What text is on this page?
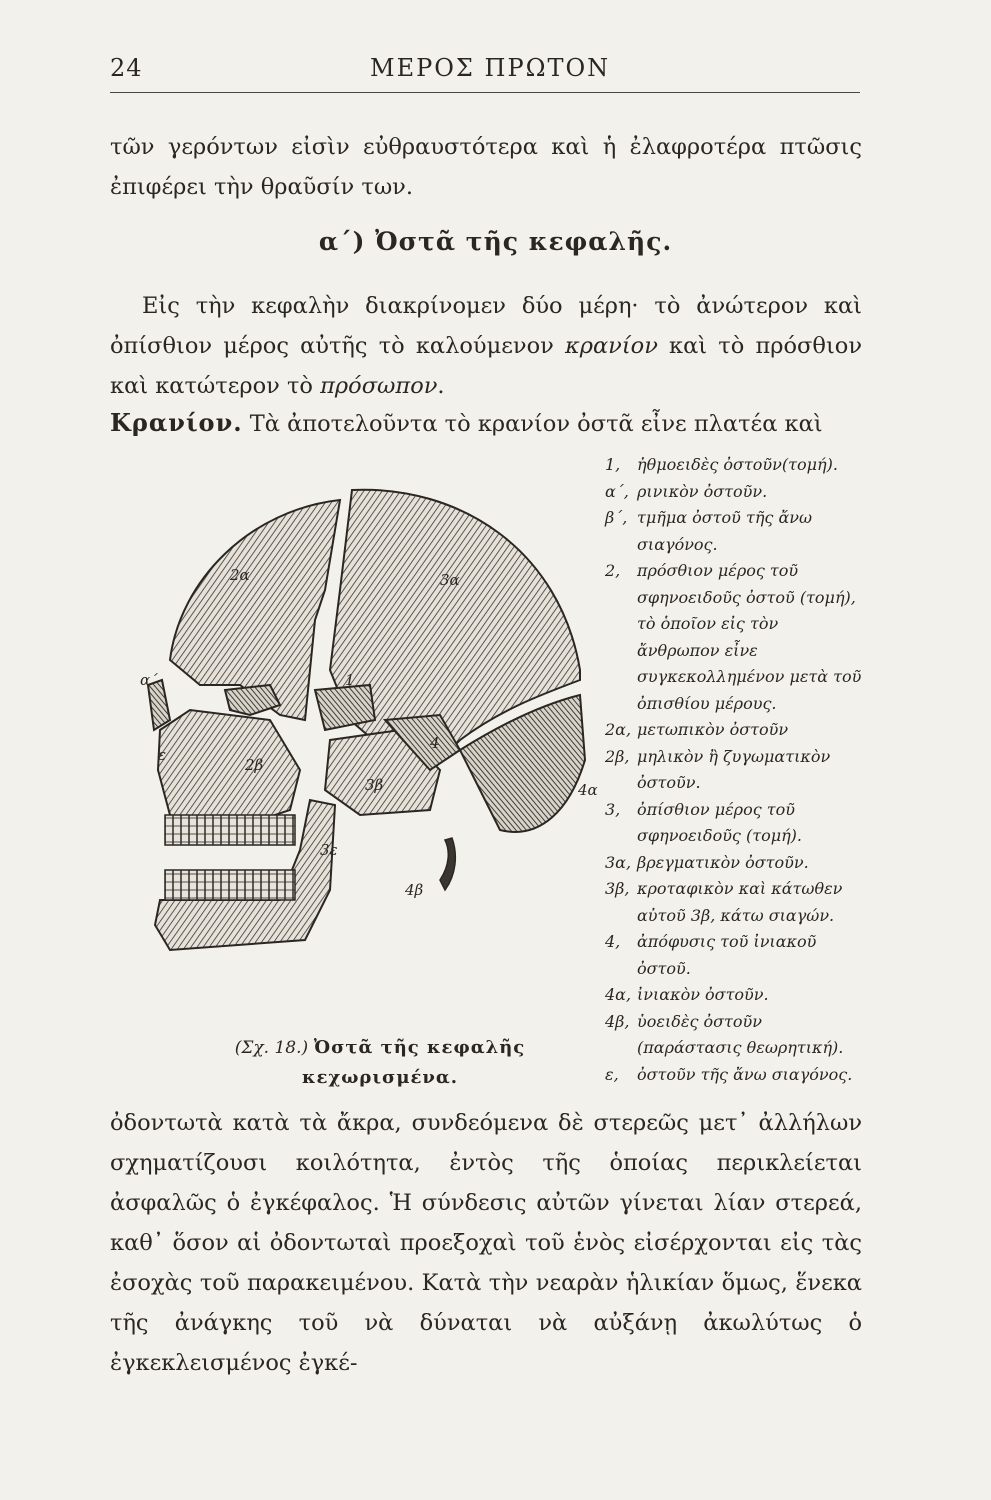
24	ΜΕΡΟΣ ΠΡΩΤΟΝ

τῶν γερόντων εἰσὶν εὐθραυστότερα καὶ ἡ ἐλαφροτέρα πτῶσις ἐπιφέρει τὴν θραῦσίν των.

α΄) Ὀστᾶ τῆς κεφαλῆς.

Εἰς τὴν κεφαλὴν διακρίνομεν δύο μέρη· τὸ ἀνώτερον καὶ ὀπίσθιον μέρος αὐτῆς τὸ καλούμενον κρανίον καὶ τὸ πρόσθιον καὶ κατώτερον τὸ πρόσωπον.

Κρανίον. Τὰ ἀποτελοῦντα τὸ κρανίον ὀστᾶ εἶνε πλατέα καὶ

α΄
ε
2α	3α
2β
3β
3ε
4
4α
4β
1
(Σχ. 18.) Ὀστᾶ τῆς κεφαλῆς κεχωρισμένα.
1, ἠθμοειδὲς ὀστοῦν(τομή).
α΄, ρινικὸν ὀστοῦν.
β΄, τμῆμα ὀστοῦ τῆς ἄνω σιαγόνος.
2, πρόσθιον μέρος τοῦ σφηνοειδοῦς ὀστοῦ (τομή), τὸ ὁποῖον εἰς τὸν ἄνθρωπον εἶνε συγκεκολλημένον μετὰ τοῦ ὀπισθίου μέρους.
2α, μετωπικὸν ὀστοῦν
2β, μηλικὸν ἢ ζυγωματικὸν ὀστοῦν.
3, ὀπίσθιον μέρος τοῦ σφηνοειδοῦς (τομή).
3α, βρεγματικὸν ὀστοῦν.
3β, κροταφικὸν καὶ κάτωθεν αὐτοῦ 3β, κάτω σιαγών.
4, ἀπόφυσις τοῦ ἰνιακοῦ ὀστοῦ.
4α, ἰνιακὸν ὀστοῦν.
4β, ὑοειδὲς ὀστοῦν (παράστασις θεωρητική).
ε, ὀστοῦν τῆς ἄνω σιαγόνος.

ὀδοντωτὰ κατὰ τὰ ἄκρα, συνδεόμενα δὲ στερεῶς μετ᾽ ἀλλήλων σχηματίζουσι κοιλότητα, ἐντὸς τῆς ὁποίας περικλείεται ἀσφαλῶς ὁ ἐγκέφαλος. Ἡ σύνδεσις αὐτῶν γίνεται λίαν στερεά, καθ᾽ ὅσον αἱ ὀδοντωταὶ προεξοχαὶ τοῦ ἑνὸς εἰσέρχονται εἰς τὰς ἐσοχὰς τοῦ παρακειμένου. Κατὰ τὴν νεαρὰν ἡλικίαν ὅμως, ἕνεκα τῆς ἀνάγκης τοῦ νὰ δύναται νὰ αὐξάνῃ ἀκωλύτως ὁ ἐγκεκλεισμένος ἐγκέ-
